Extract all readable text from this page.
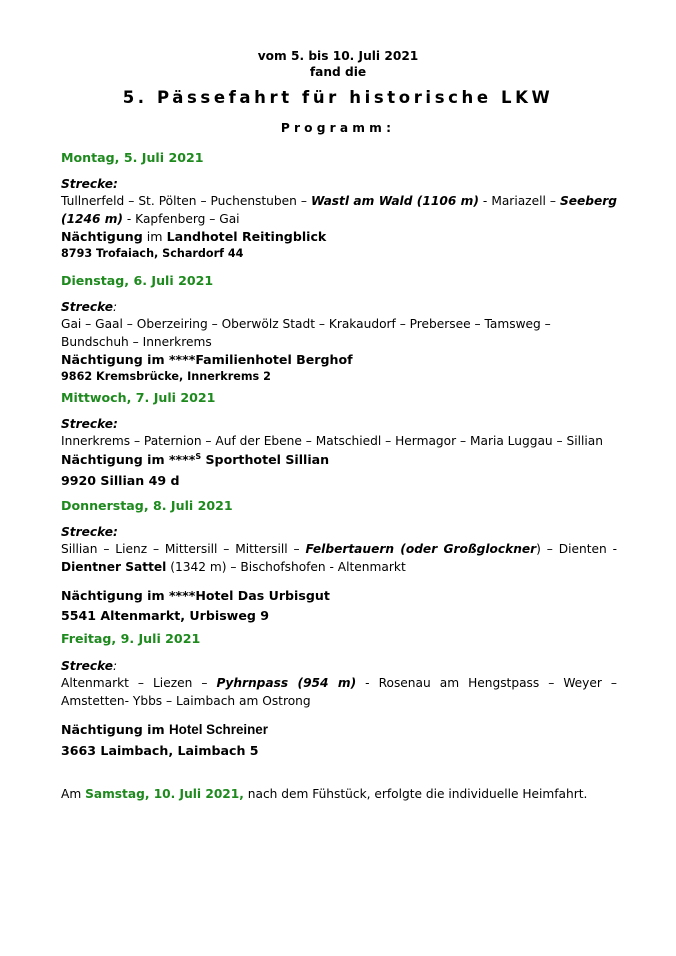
vom 5. bis 10. Juli 2021
fand die
5. Pässefahrt für historische LKW
Programm:
Montag, 5. Juli 2021

Strecke:

Tullnerfeld – St. Pölten – Puchenstuben – Wastl am Wald (1106 m) - Mariazell – Seeberg (1246 m) - Kapfenberg – Gai

Nächtigung im Landhotel Reitingblick

8793 Trofaiach, Schardorf 44

Dienstag, 6. Juli 2021

Strecke:

Gai – Gaal – Oberzeiring – Oberwölz Stadt – Krakaudorf – Prebersee – Tamsweg – Bundschuh – Innerkrems

Nächtigung im ****Familienhotel Berghof

9862 Kremsbrücke, Innerkrems 2

Mittwoch, 7. Juli 2021

Strecke:

Innerkrems – Paternion – Auf der Ebene – Matschiedl – Hermagor – Maria Luggau – Sillian

Nächtigung im ****$^S$ Sporthotel Sillian

9920 Sillian 49 d

Donnerstag, 8. Juli 2021

Strecke:

Sillian – Lienz – Mittersill – Mittersill – Felbertauern (oder Großglockner) – Dienten - Dientner Sattel (1342 m) – Bischofshofen - Altenmarkt

Nächtigung im ****Hotel Das Urbisgut

5541 Altenmarkt, Urbisweg 9

Freitag, 9. Juli 2021

Strecke:

Altenmarkt – Liezen – Pyhrnpass (954 m) - Rosenau am Hengstpass – Weyer – Amstetten- Ybbs – Laimbach am Ostrong

Nächtigung im Hotel Schreiner

3663 Laimbach, Laimbach 5

Am Samstag, 10. Juli 2021, nach dem Fühstück, erfolgte die individuelle Heimfahrt.
